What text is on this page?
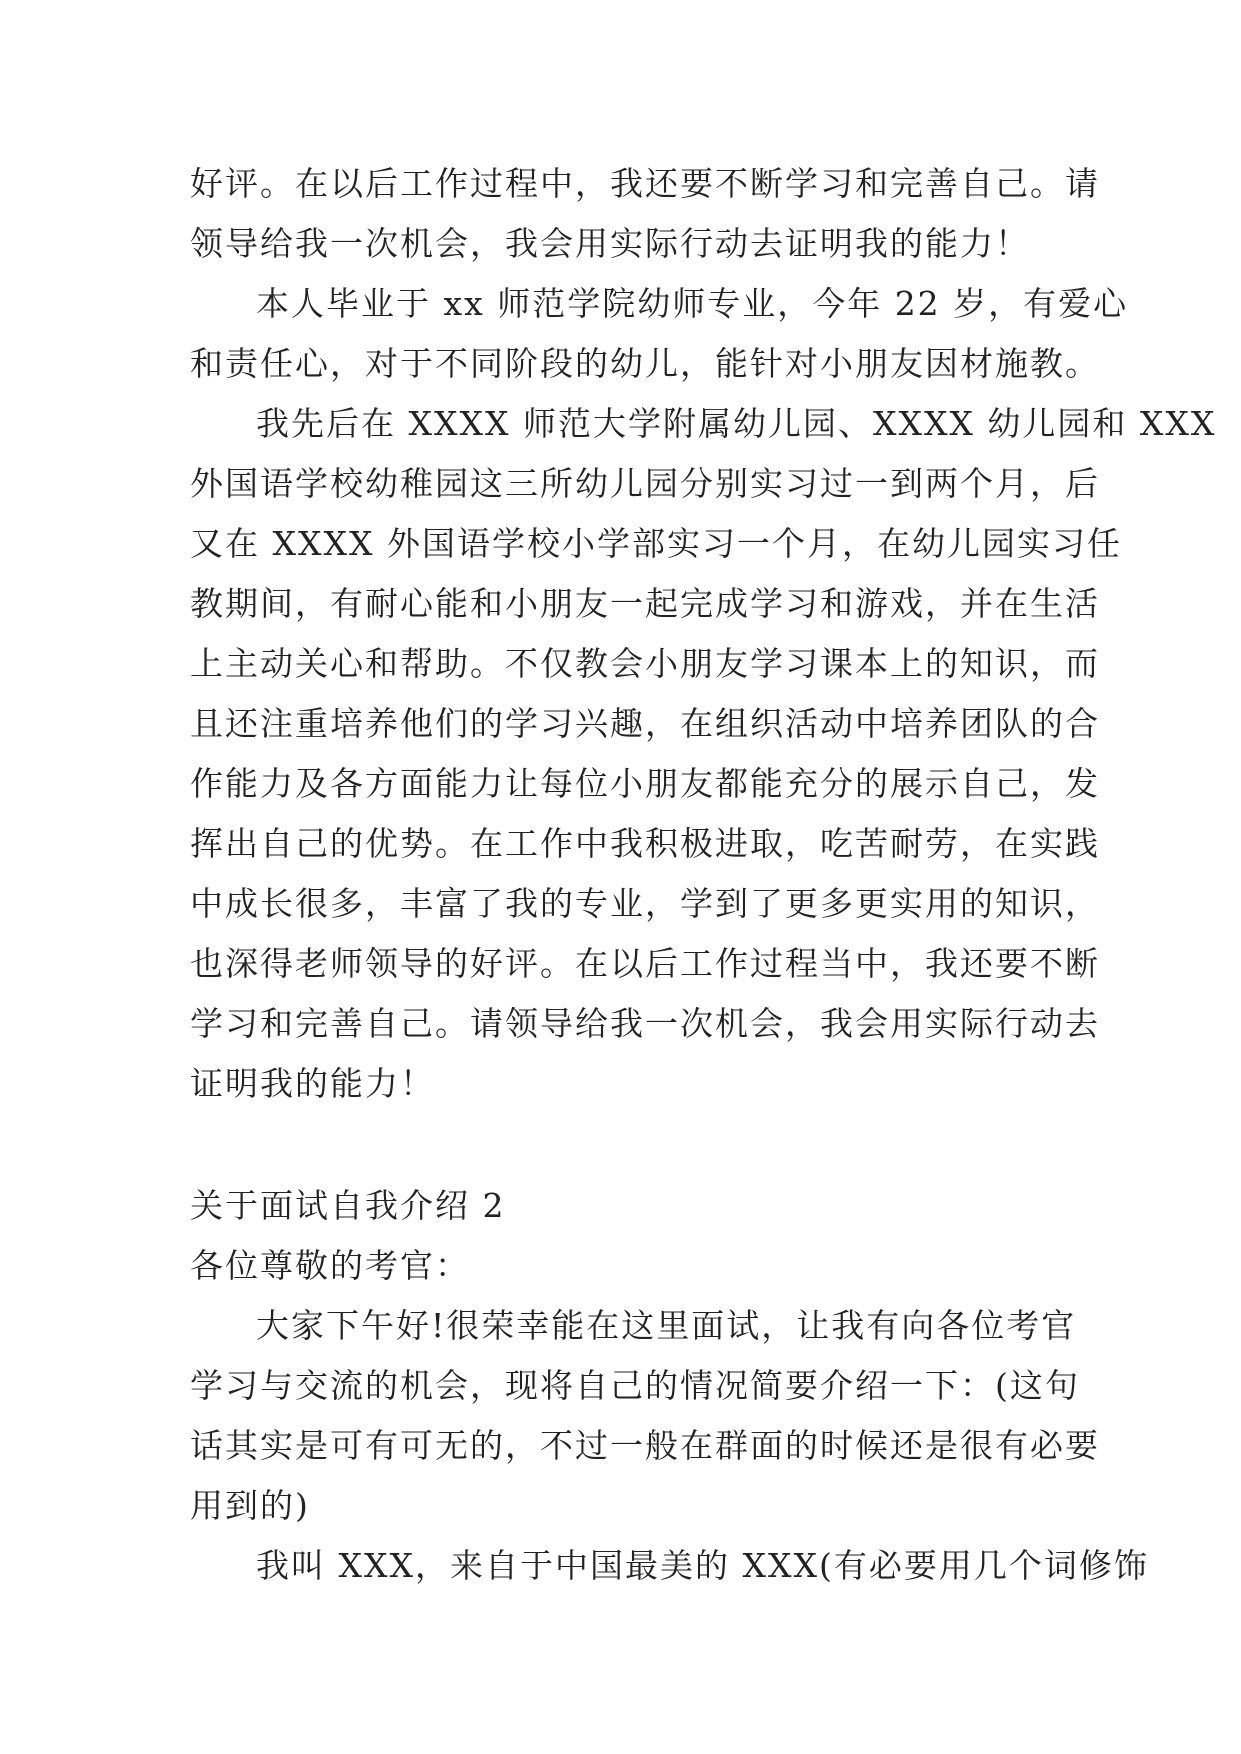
好评。在以后工作过程中，我还要不断学习和完善自己。请
领导给我一次机会，我会用实际行动去证明我的能力！
本人毕业于 xx 师范学院幼师专业，今年 22 岁，有爱心
和责任心，对于不同阶段的幼儿，能针对小朋友因材施教。
我先后在 XXXX 师范大学附属幼儿园、XXXX 幼儿园和 XXX
外国语学校幼稚园这三所幼儿园分别实习过一到两个月，后
又在 XXXX 外国语学校小学部实习一个月，在幼儿园实习任
教期间，有耐心能和小朋友一起完成学习和游戏，并在生活
上主动关心和帮助。不仅教会小朋友学习课本上的知识，而
且还注重培养他们的学习兴趣，在组织活动中培养团队的合
作能力及各方面能力让每位小朋友都能充分的展示自己，发
挥出自己的优势。在工作中我积极进取，吃苦耐劳，在实践
中成长很多，丰富了我的专业，学到了更多更实用的知识，
也深得老师领导的好评。在以后工作过程当中，我还要不断
学习和完善自己。请领导给我一次机会，我会用实际行动去
证明我的能力！
关于面试自我介绍 2
各位尊敬的考官：
大家下午好!很荣幸能在这里面试，让我有向各位考官
学习与交流的机会，现将自己的情况简要介绍一下：(这句
话其实是可有可无的，不过一般在群面的时候还是很有必要
用到的)
我叫 XXX，来自于中国最美的 XXX(有必要用几个词修饰
